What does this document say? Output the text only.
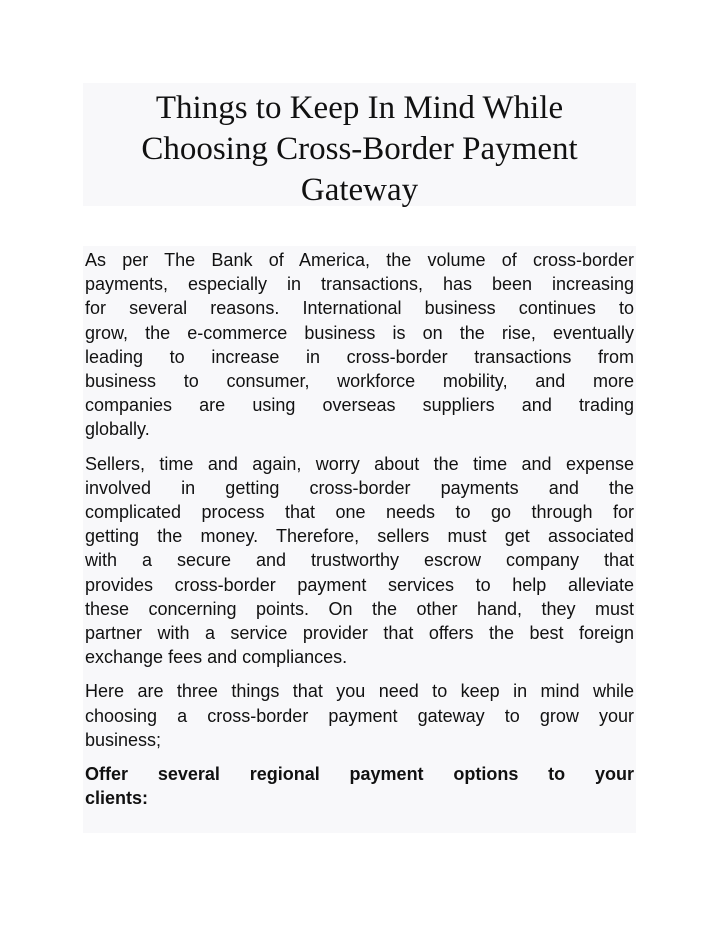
Things to Keep In Mind While
Choosing Cross-Border Payment
Gateway

As per The Bank of America, the volume of cross-border
payments, especially in transactions, has been increasing
for several reasons. International business continues to
grow, the e-commerce business is on the rise, eventually
leading to increase in cross-border transactions from
business to consumer, workforce mobility, and more
companies are using overseas suppliers and trading
globally.

Sellers, time and again, worry about the time and expense
involved in getting cross-border payments and the
complicated process that one needs to go through for
getting the money. Therefore, sellers must get associated
with a secure and trustworthy escrow company that
provides cross-border payment services to help alleviate
these concerning points. On the other hand, they must
partner with a service provider that offers the best foreign
exchange fees and compliances.

Here are three things that you need to keep in mind while
choosing a cross-border payment gateway to grow your
business;

Offer several regional payment options to your
clients:
